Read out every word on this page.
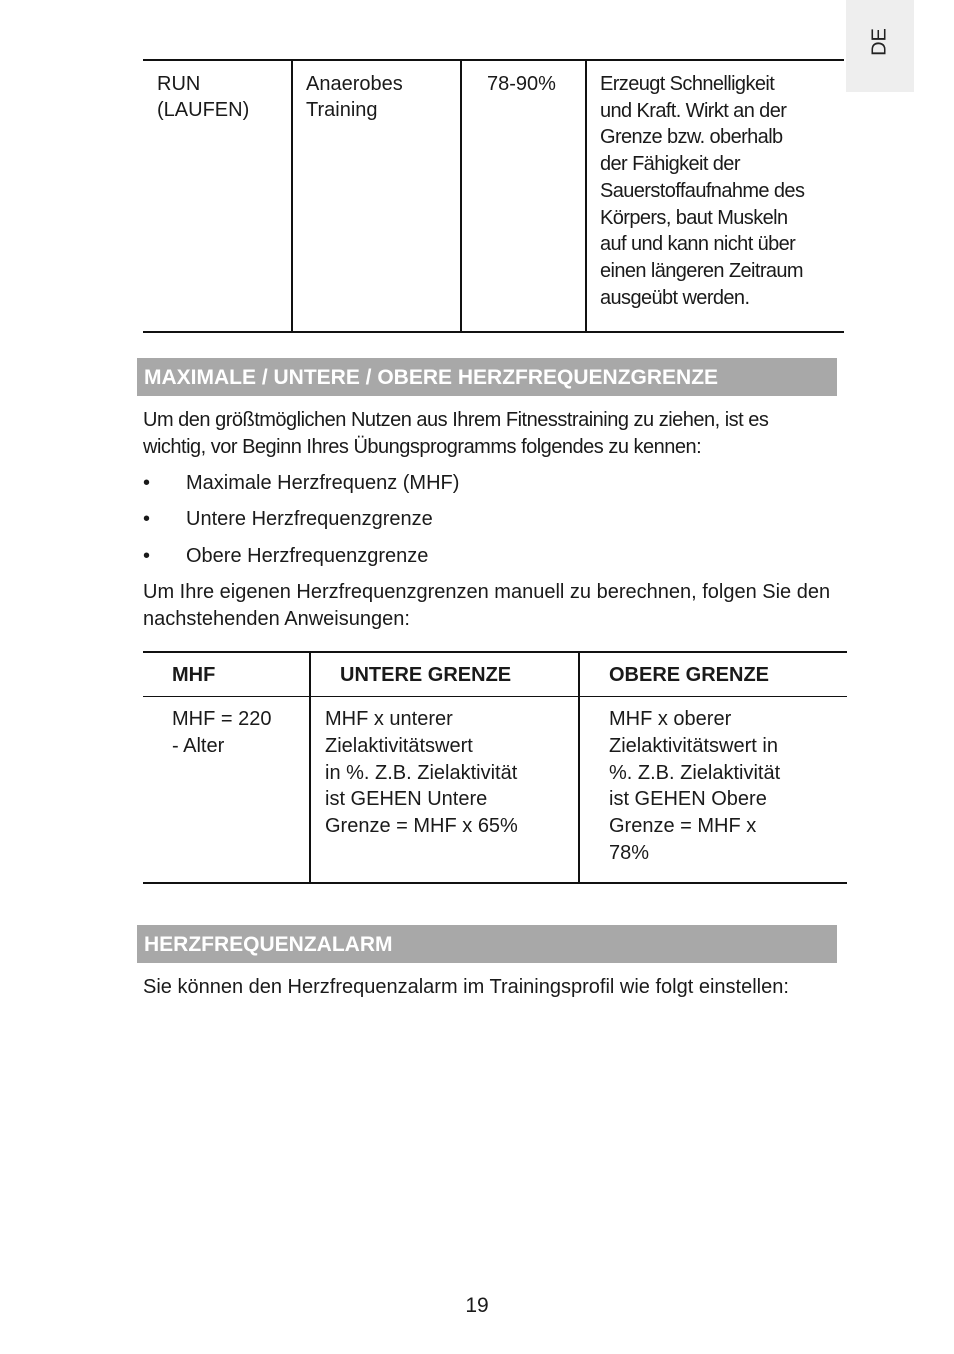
DE
RUN
(LAUFEN)
Anaerobes
Training
78-90% Erzeugt Schnelligkeit
und Kraft. Wirkt an der
Grenze bzw. oberhalb
der Fähigkeit der
Sauerstoffaufnahme des
Körpers, baut Muskeln
auf und kann nicht über
einen längeren Zeitraum
ausgeübt werden.
MAXIMALE / UNTERE / OBERE HERZFREQUENZGRENZE
Um den größtmöglichen Nutzen aus Ihrem Fitnesstraining zu ziehen, ist es wichtig, vor Beginn Ihres Übungsprogramms folgendes zu kennen:
• Maximale Herzfrequenz (MHF)
• Untere Herzfrequenzgrenze
• Obere Herzfrequenzgrenze
Um Ihre eigenen Herzfrequenzgrenzen manuell zu berechnen, folgen Sie den nachstehenden Anweisungen:
MHF	UNTERE GRENZE	OBERE GRENZE
MHF = 220
- Alter
MHF x unterer
Zielaktivitätswert
in %. Z.B. Zielaktivität
ist GEHEN Untere
Grenze = MHF x 65%
MHF x oberer
Zielaktivitätswert in
%. Z.B. Zielaktivität
ist GEHEN Obere
Grenze = MHF x
78%
HERZFREQUENZALARM
Sie können den Herzfrequenzalarm im Trainingsprofil wie folgt einstellen:
19
